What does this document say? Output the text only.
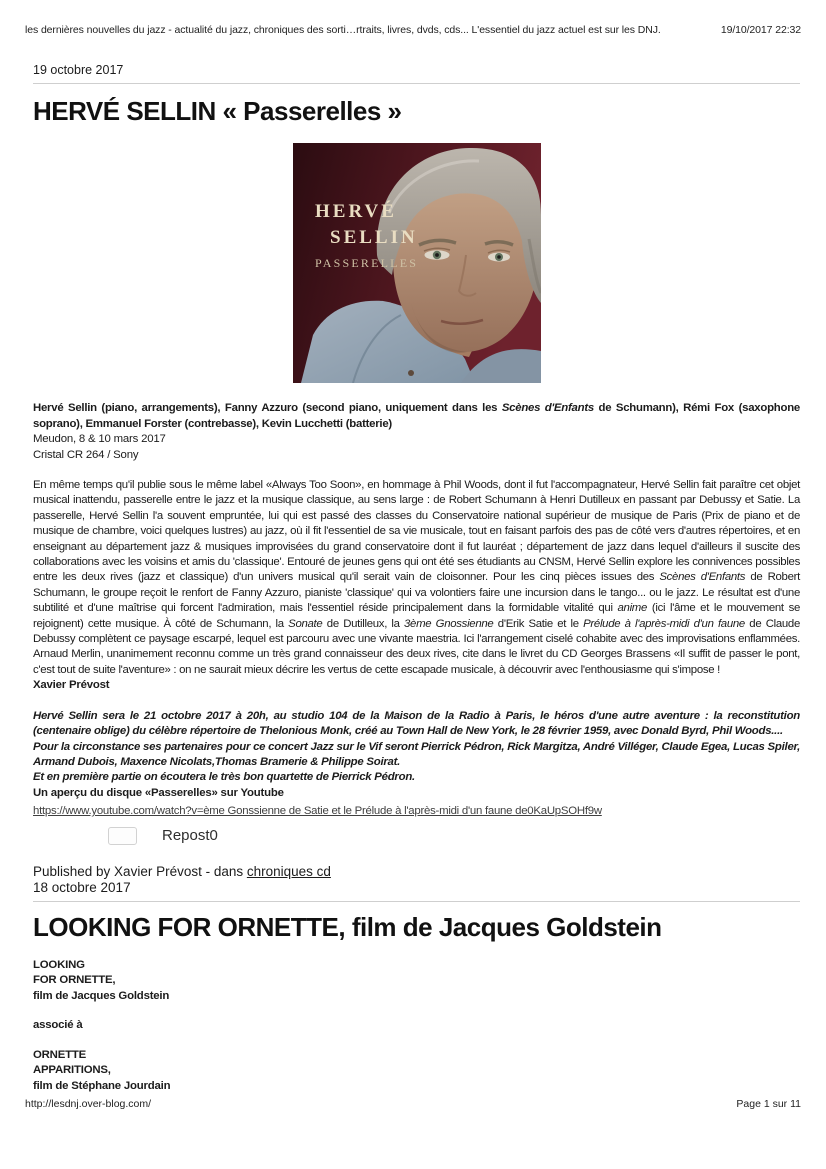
les dernières nouvelles du jazz - actualité du jazz, chroniques des sorti…rtraits, livres, dvds, cds... L'essentiel du jazz actuel est sur les DNJ.	19/10/2017 22:32
19 octobre 2017
HERVÉ SELLIN « Passerelles »
HERVÉ
SELLIN
PASSERELLES

Hervé Sellin (piano, arrangements), Fanny Azzuro (second piano, uniquement dans les Scènes d'Enfants de Schumann), Rémi Fox (saxophone soprano), Emmanuel Forster (contrebasse), Kevin Lucchetti (batterie)

Meudon, 8 & 10 mars 2017
Cristal CR 264 / Sony

En même temps qu'il publie sous le même label «Always Too Soon», en hommage à Phil Woods, dont il fut l'accompagnateur, Hervé Sellin fait paraître cet objet musical inattendu, passerelle entre le jazz et la musique classique, au sens large : de Robert Schumann à Henri Dutilleux en passant par Debussy et Satie. La passerelle, Hervé Sellin l'a souvent empruntée, lui qui est passé des classes du Conservatoire national supérieur de musique de Paris (Prix de piano et de musique de chambre, voici quelques lustres) au jazz, où il fit l'essentiel de sa vie musicale, tout en faisant parfois des pas de côté vers d'autres répertoires, et en enseignant au département jazz & musiques improvisées du grand conservatoire dont il fut lauréat ; département de jazz dans lequel d'ailleurs il suscite des collaborations avec les voisins et amis du 'classique'. Entouré de jeunes gens qui ont été ses étudiants au CNSM, Hervé Sellin explore les connivences possibles entre les deux rives (jazz et classique) d'un univers musical qu'il serait vain de cloisonner. Pour les cinq pièces issues des Scènes d'Enfants de Robert Schumann, le groupe reçoit le renfort de Fanny Azzuro, pianiste 'classique' qui va volontiers faire une incursion dans le tango... ou le jazz. Le résultat est d'une subtilité et d'une maîtrise qui forcent l'admiration, mais l'essentiel réside principalement dans la formidable vitalité qui anime (ici l'âme et le mouvement se rejoignent) cette musique. À côté de Schumann, la Sonate de Dutilleux, la 3ème Gnossienne d'Erik Satie et le Prélude à l'après-midi d'un faune de Claude Debussy complètent ce paysage escarpé, lequel est parcouru avec une vivante maestria. Ici l'arrangement ciselé cohabite avec des improvisations enflammées. Arnaud Merlin, unanimement reconnu comme un très grand connaisseur des deux rives, cite dans le livret du CD Georges Brassens «Il suffit de passer le pont, c'est tout de suite l'aventure» : on ne saurait mieux décrire les vertus de cette escapade musicale, à découvrir avec l'enthousiasme qui s'impose !

Xavier Prévost

Hervé Sellin sera le 21 octobre 2017 à 20h, au studio 104 de la Maison de la Radio à Paris, le héros d'une autre aventure : la reconstitution (centenaire oblige) du célèbre répertoire de Thelonious Monk, créé au Town Hall de New York, le 28 février 1959, avec Donald Byrd, Phil Woods....

Pour la circonstance ses partenaires pour ce concert Jazz sur le Vif seront Pierrick Pédron, Rick Margitza, André Villéger, Claude Egea, Lucas Spiler, Armand Dubois, Maxence Nicolats,Thomas Bramerie & Philippe Soirat.

Et en première partie on écoutera le très bon quartette de Pierrick Pédron.

Un aperçu du disque «Passerelles» sur Youtube
https://www.youtube.com/watch?v=ème Gonssienne de Satie et le Prélude à l'après-midi d'un faune de0KaUpSOHf9w
Repost0
Published by Xavier Prévost - dans chroniques cd
18 octobre 2017
LOOKING FOR ORNETTE, film de Jacques Goldstein
LOOKING
FOR ORNETTE,
film de Jacques Goldstein
associé à
ORNETTE
APPARITIONS,
film de Stéphane Jourdain
http://lesdnj.over-blog.com/	Page 1 sur 11
